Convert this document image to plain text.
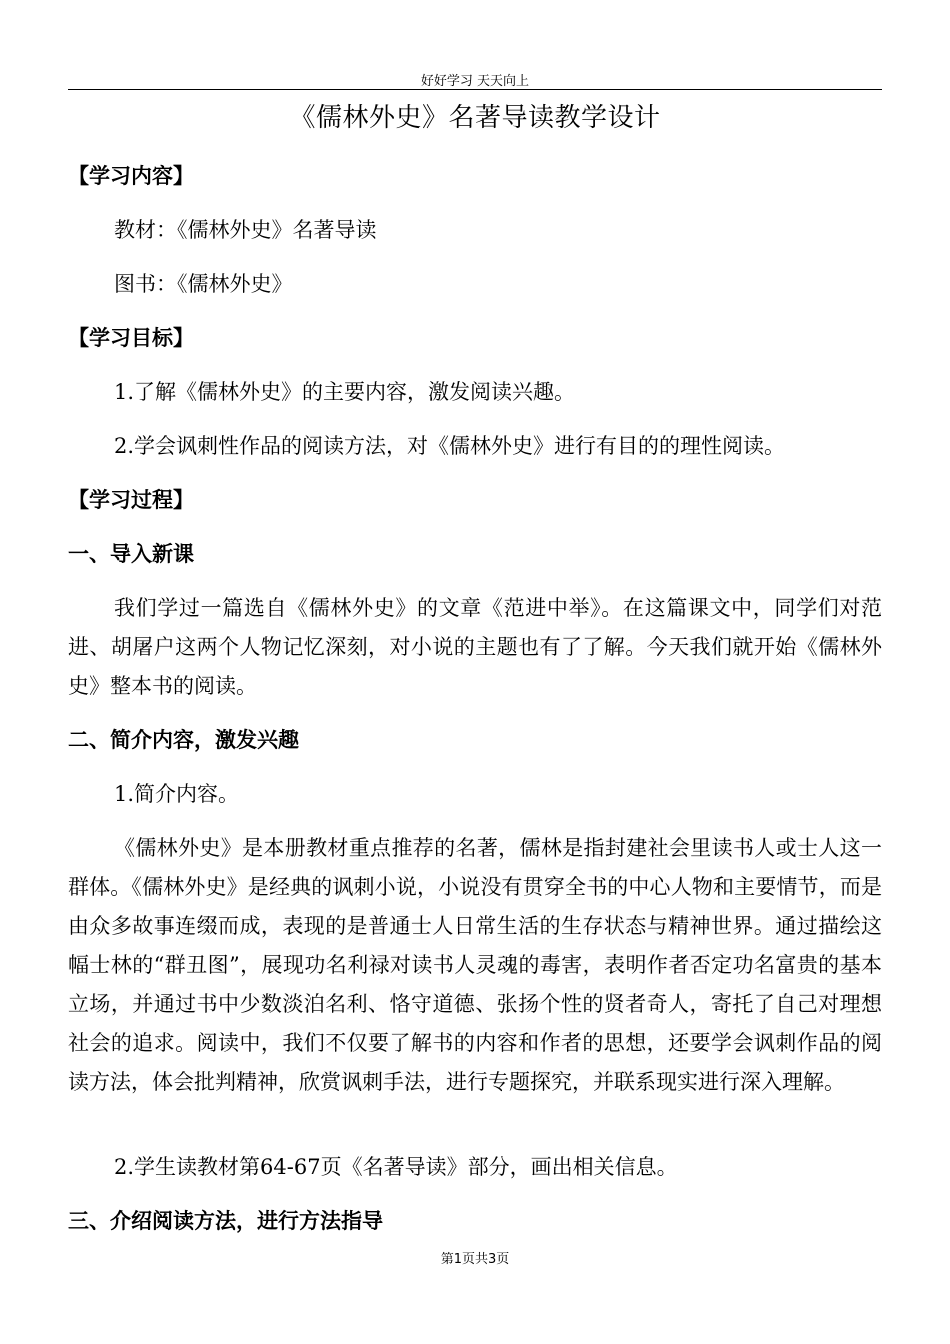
好好学习 天天向上
《儒林外史》名著导读教学设计
【学习内容】
教材：《儒林外史》名著导读
图书：《儒林外史》
【学习目标】
1.了解《儒林外史》的主要内容，激发阅读兴趣。
2.学会讽刺性作品的阅读方法，对《儒林外史》进行有目的的理性阅读。
【学习过程】
一、导入新课
我们学过一篇选自《儒林外史》的文章《范进中举》。在这篇课文中，同学们对范进、胡屠户这两个人物记忆深刻，对小说的主题也有了了解。今天我们就开始《儒林外史》整本书的阅读。
二、简介内容，激发兴趣
1.简介内容。
《儒林外史》是本册教材重点推荐的名著，儒林是指封建社会里读书人或士人这一群体。《儒林外史》是经典的讽刺小说，小说没有贯穿全书的中心人物和主要情节，而是由众多故事连缀而成，表现的是普通士人日常生活的生存状态与精神世界。通过描绘这幅士林的“群丑图”，展现功名利禄对读书人灵魂的毒害，表明作者否定功名富贵的基本立场，并通过书中少数淡泊名利、恪守道德、张扬个性的贤者奇人，寄托了自己对理想社会的追求。阅读中，我们不仅要了解书的内容和作者的思想，还要学会讽刺作品的阅读方法，体会批判精神，欣赏讽刺手法，进行专题探究，并联系现实进行深入理解。
2.学生读教材第64-67页《名著导读》部分，画出相关信息。
三、介绍阅读方法，进行方法指导
第1页共3页
